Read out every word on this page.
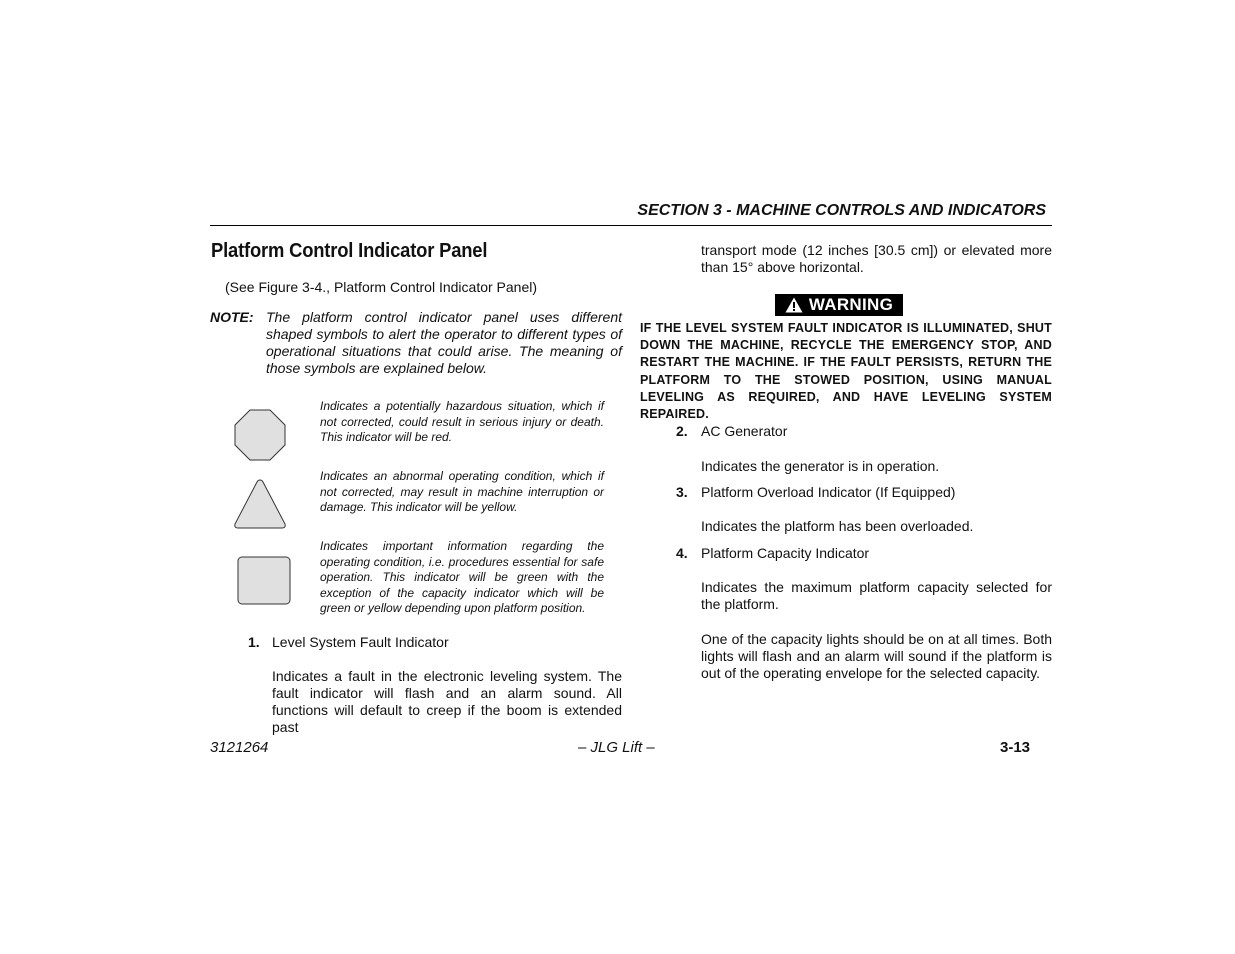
SECTION 3 - MACHINE CONTROLS AND INDICATORS
Platform Control Indicator Panel
(See Figure 3-4., Platform Control Indicator Panel)
NOTE: The platform control indicator panel uses different shaped symbols to alert the operator to different types of operational situations that could arise. The meaning of those symbols are explained below.
Indicates a potentially hazardous situation, which if not corrected, could result in serious injury or death. This indicator will be red.
Indicates an abnormal operating condition, which if not corrected, may result in machine interruption or damage. This indicator will be yellow.
Indicates important information regarding the operating condition, i.e. procedures essential for safe operation. This indicator will be green with the exception of the capacity indicator which will be green or yellow depending upon platform position.
1. Level System Fault Indicator
Indicates a fault in the electronic leveling system. The fault indicator will flash and an alarm sound. All functions will default to creep if the boom is extended past
transport mode (12 inches [30.5 cm]) or elevated more than 15° above horizontal.
WARNING
IF THE LEVEL SYSTEM FAULT INDICATOR IS ILLUMINATED, SHUT DOWN THE MACHINE, RECYCLE THE EMERGENCY STOP, AND RESTART THE MACHINE. IF THE FAULT PERSISTS, RETURN THE PLATFORM TO THE STOWED POSITION, USING MANUAL LEVELING AS REQUIRED, AND HAVE LEVELING SYSTEM REPAIRED.
2. AC Generator
Indicates the generator is in operation.
3. Platform Overload Indicator (If Equipped)
Indicates the platform has been overloaded.
4. Platform Capacity Indicator
Indicates the maximum platform capacity selected for the platform.
One of the capacity lights should be on at all times. Both lights will flash and an alarm will sound if the platform is out of the operating envelope for the selected capacity.
3121264	– JLG Lift –	3-13
